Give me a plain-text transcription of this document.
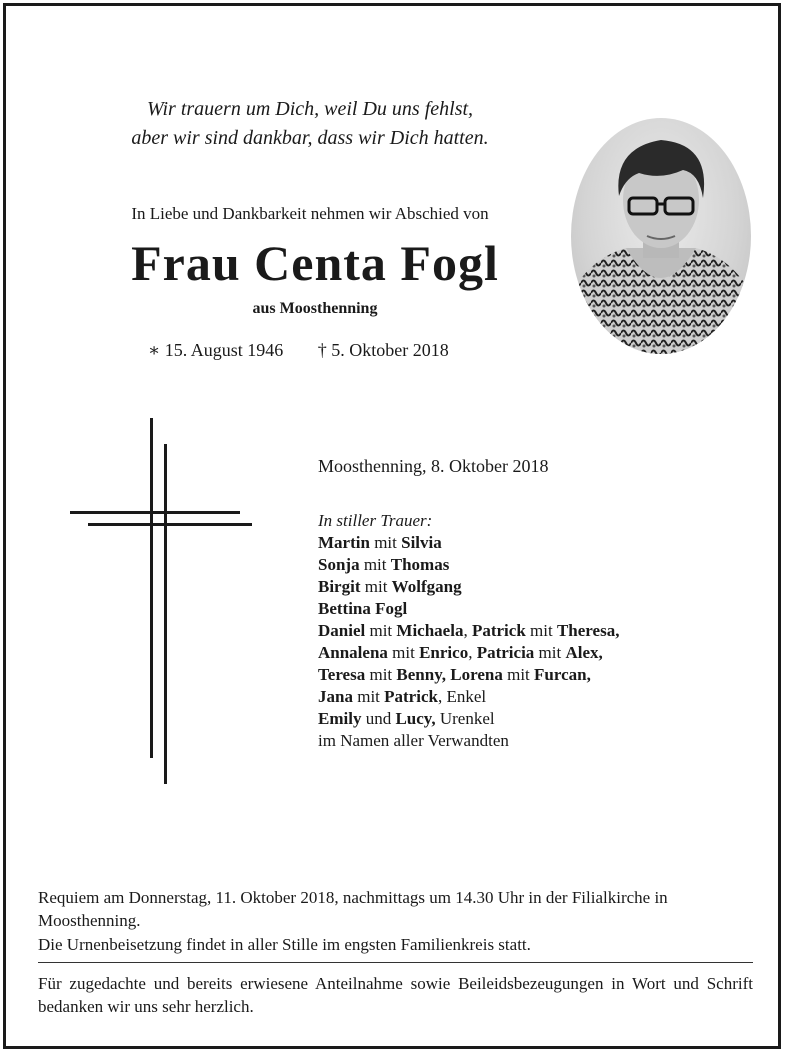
Wir trauern um Dich, weil Du uns fehlst,
aber wir sind dankbar, dass wir Dich hatten.
In Liebe und Dankbarkeit nehmen wir Abschied von
Frau Centa Fogl
aus Moosthenning
∗ 15. August 1946 † 5. Oktober 2018
Moosthenning, 8. Oktober 2018
In stiller Trauer:
Martin mit Silvia
Sonja mit Thomas
Birgit mit Wolfgang
Bettina Fogl
Daniel mit Michaela, Patrick mit Theresa,
Annalena mit Enrico, Patricia mit Alex,
Teresa mit Benny, Lorena mit Furcan,
Jana mit Patrick, Enkel
Emily und Lucy, Urenkel
im Namen aller Verwandten
Requiem am Donnerstag, 11. Oktober 2018, nachmittags um 14.30 Uhr in der Filialkirche in Moosthenning.
Die Urnenbeisetzung findet in aller Stille im engsten Familienkreis statt.
Für zugedachte und bereits erwiesene Anteilnahme sowie Beileidsbezeugungen in Wort und Schrift bedanken wir uns sehr herzlich.
